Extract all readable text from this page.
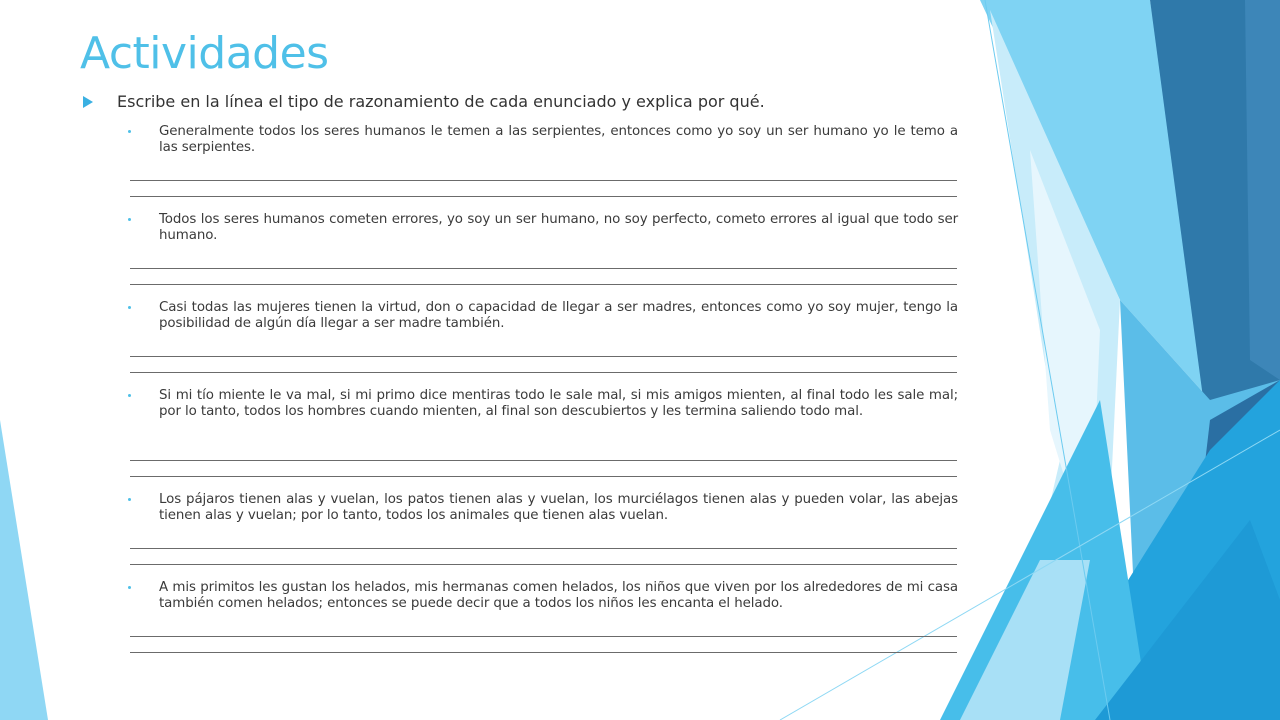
Actividades
Escribe en la línea el tipo de razonamiento de cada enunciado y explica por qué.
Generalmente todos los seres humanos le temen a las serpientes, entonces como yo soy un ser humano yo le temo a las serpientes.
Todos los seres humanos cometen errores, yo soy un ser humano, no soy perfecto, cometo errores al igual que todo ser humano.
Casi todas las mujeres tienen la virtud, don o capacidad de llegar a ser madres, entonces como yo soy mujer, tengo la posibilidad de algún día llegar a ser madre también.
Si mi tío miente le va mal, si mi primo dice mentiras todo le sale mal, si mis amigos mienten, al final todo les sale mal; por lo tanto, todos los hombres cuando mienten, al final son descubiertos y les termina saliendo todo mal.
Los pájaros tienen alas y vuelan, los patos tienen alas y vuelan, los murciélagos tienen alas y pueden volar, las abejas tienen alas y vuelan; por lo tanto, todos los animales que tienen alas vuelan.
A mis primitos les gustan los helados, mis hermanas comen helados, los niños que viven por los alrededores de mi casa también comen helados; entonces se puede decir que a todos los niños les encanta el helado.
